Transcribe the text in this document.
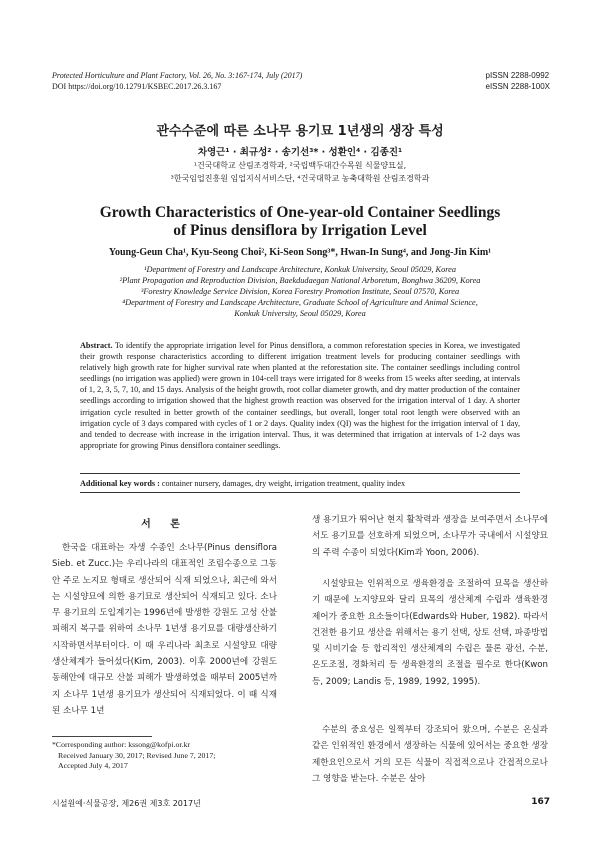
Protected Horticulture and Plant Factory, Vol. 26, No. 3:167-174, July (2017)
DOI https://doi.org/10.12791/KSBEC.2017.26.3.167
pISSN 2288-0992
eISSN 2288-100X
관수수준에 따른 소나무 용기묘 1년생의 생장 특성
차영근¹ · 최규성² · 송기선³* · 성환인⁴ · 김종진¹
¹건국대학교 산림조경학과, ²국립백두대간수목원 식물양묘실,
³한국임업진흥원 임업지식서비스단, ⁴건국대학교 농축대학원 산림조경학과
Growth Characteristics of One-year-old Container Seedlings
of Pinus densiflora by Irrigation Level
Young-Geun Cha¹, Kyu-Seong Choi², Ki-Seon Song³*, Hwan-In Sung⁴, and Jong-Jin Kim¹
¹Department of Forestry and Landscape Architecture, Konkuk University, Seoul 05029, Korea
²Plant Propagation and Reproduction Division, Baekdudaegan National Arboretum, Bonghwa 36209, Korea
³Forestry Knowledge Service Division, Korea Forestry Promotion Institute, Seoul 07570, Korea
⁴Department of Forestry and Landscape Architecture, Graduate School of Agriculture and Animal Science,
Konkuk University, Seoul 05029, Korea
Abstract. To identify the appropriate irrigation level for Pinus densiflora, a common reforestation species in Korea, we investigated their growth response characteristics according to different irrigation treatment levels for producing container seedlings with relatively high growth rate for higher survival rate when planted at the reforestation site. The container seedlings including control seedlings (no irrigation was applied) were grown in 104-cell trays were irrigated for 8 weeks from 15 weeks after seeding, at intervals of 1, 2, 3, 5, 7, 10, and 15 days. Analysis of the height growth, root collar diameter growth, and dry matter production of the container seedlings according to irrigation showed that the highest growth reaction was observed for the irrigation interval of 1 day. A shorter irrigation cycle resulted in better growth of the container seedlings, but overall, longer total root length were observed with an irrigation cycle of 3 days compared with cycles of 1 or 2 days. Quality index (QI) was the highest for the irrigation interval of 1 day, and tended to decrease with increase in the irrigation interval. Thus, it was determined that irrigation at intervals of 1-2 days was appropriate for growing Pinus densiflora container seedlings.
Additional key words : container nursery, damages, dry weight, irrigation treatment, quality index
서 론
한국을 대표하는 자생 수종인 소나무(Pinus densiflora Sieb. et Zucc.)는 우리나라의 대표적인 조림수종으로 그동안 주로 노지묘 형태로 생산되어 식재 되었으나, 최근에 와서는 시설양묘에 의한 용기묘로 생산되어 식재되고 있다. 소나무 용기묘의 도입계기는 1996년에 발생한 강원도 고성 산불피해지 복구를 위하여 소나무 1년생 용기묘를 대량생산하기 시작하면서부터이다. 이 때 우리나라 최초로 시설양묘 대량생산체계가 들어섰다(Kim, 2003). 이후 2000년에 강원도 동해안에 대규모 산불 피해가 발생하였을 때부터 2005년까지 소나무 1년생 용기묘가 생산되어 식재되었다. 이 때 식재된 소나무 1년
생 용기묘가 뛰어난 현지 활착력과 생장을 보여주면서 소나무에서도 용기묘를 선호하게 되었으며, 소나무가 국내에서 시설양묘의 주력 수종이 되었다(Kim과 Yoon, 2006).
시설양묘는 인위적으로 생육환경을 조절하여 묘목을 생산하기 때문에 노지양묘와 달리 묘목의 생산체계 수립과 생육환경 제어가 중요한 요소들이다(Edwards와 Huber, 1982). 따라서 건전한 용기묘 생산을 위해서는 용기 선택, 상토 선택, 파종방법 및 시비기술 등 합리적인 생산체계의 수립은 물론 광선, 수분, 온도조절, 경화처리 등 생육환경의 조절을 필수로 한다(Kwon 등, 2009; Landis 등, 1989, 1992, 1995).
수분의 중요성은 일찍부터 강조되어 왔으며, 수분은 온실과 같은 인위적인 환경에서 생장하는 식물에 있어서는 중요한 생장 제한요인으로서 거의 모든 식물이 직접적으로나 간접적으로나 그 영향을 받는다. 수분은 살아
*Corresponding author: kssong@kofpi.or.kr
Received January 30, 2017; Revised June 7, 2017;
Accepted July 4, 2017
시설원예·식물공장, 제26권 제3호 2017년	167
